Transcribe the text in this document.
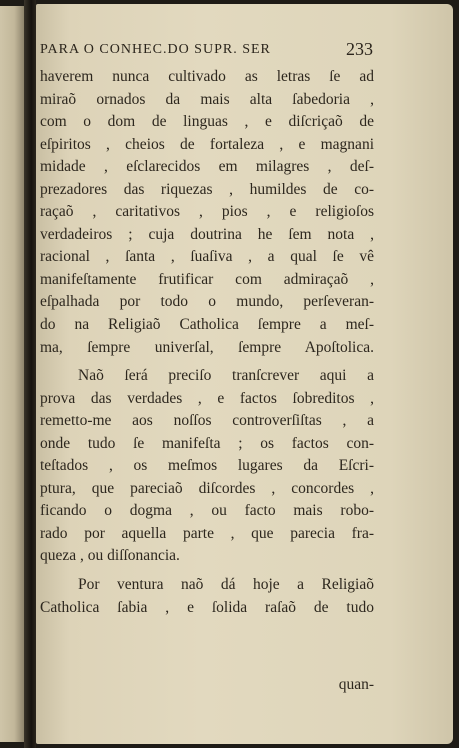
PARA O CONHEC.DO SUPR. SER	233
haverem nunca cultivado as letras ſe ad
miraõ ornados da mais alta ſabedoria ,
com o dom de linguas , e diſcriçaõ de
eſpiritos , cheios de fortaleza , e magnani
midade , eſclarecidos em milagres , deſ-
prezadores das riquezas , humildes de co-
raçaõ , caritativos , pios , e religioſos
verdadeiros ; cuja doutrina he ſem nota ,
racional , ſanta , ſuaſiva , a qual ſe vê
manifeſtamente frutificar com admiraçaõ ,
eſpalhada por todo o mundo, perſeveran-
do na Religiaõ Catholica ſempre a meſ-
ma, ſempre univerſal, ſempre Apoſtolica.
Naõ ſerá preciſo tranſcrever aqui a
prova das verdades , e factos ſobreditos ,
remetto-me aos noſſos controverſiſtas , a
onde tudo ſe manifeſta ; os factos con-
teſtados , os meſmos lugares da Eſcri-
ptura, que pareciaõ diſcordes , concordes ,
ficando o dogma , ou facto mais robo-
rado por aquella parte , que parecia fra-
queza , ou diſſonancia.
Por ventura naõ dá hoje a Religiaõ
Catholica ſabia , e ſolida raſaõ de tudo
quan-
